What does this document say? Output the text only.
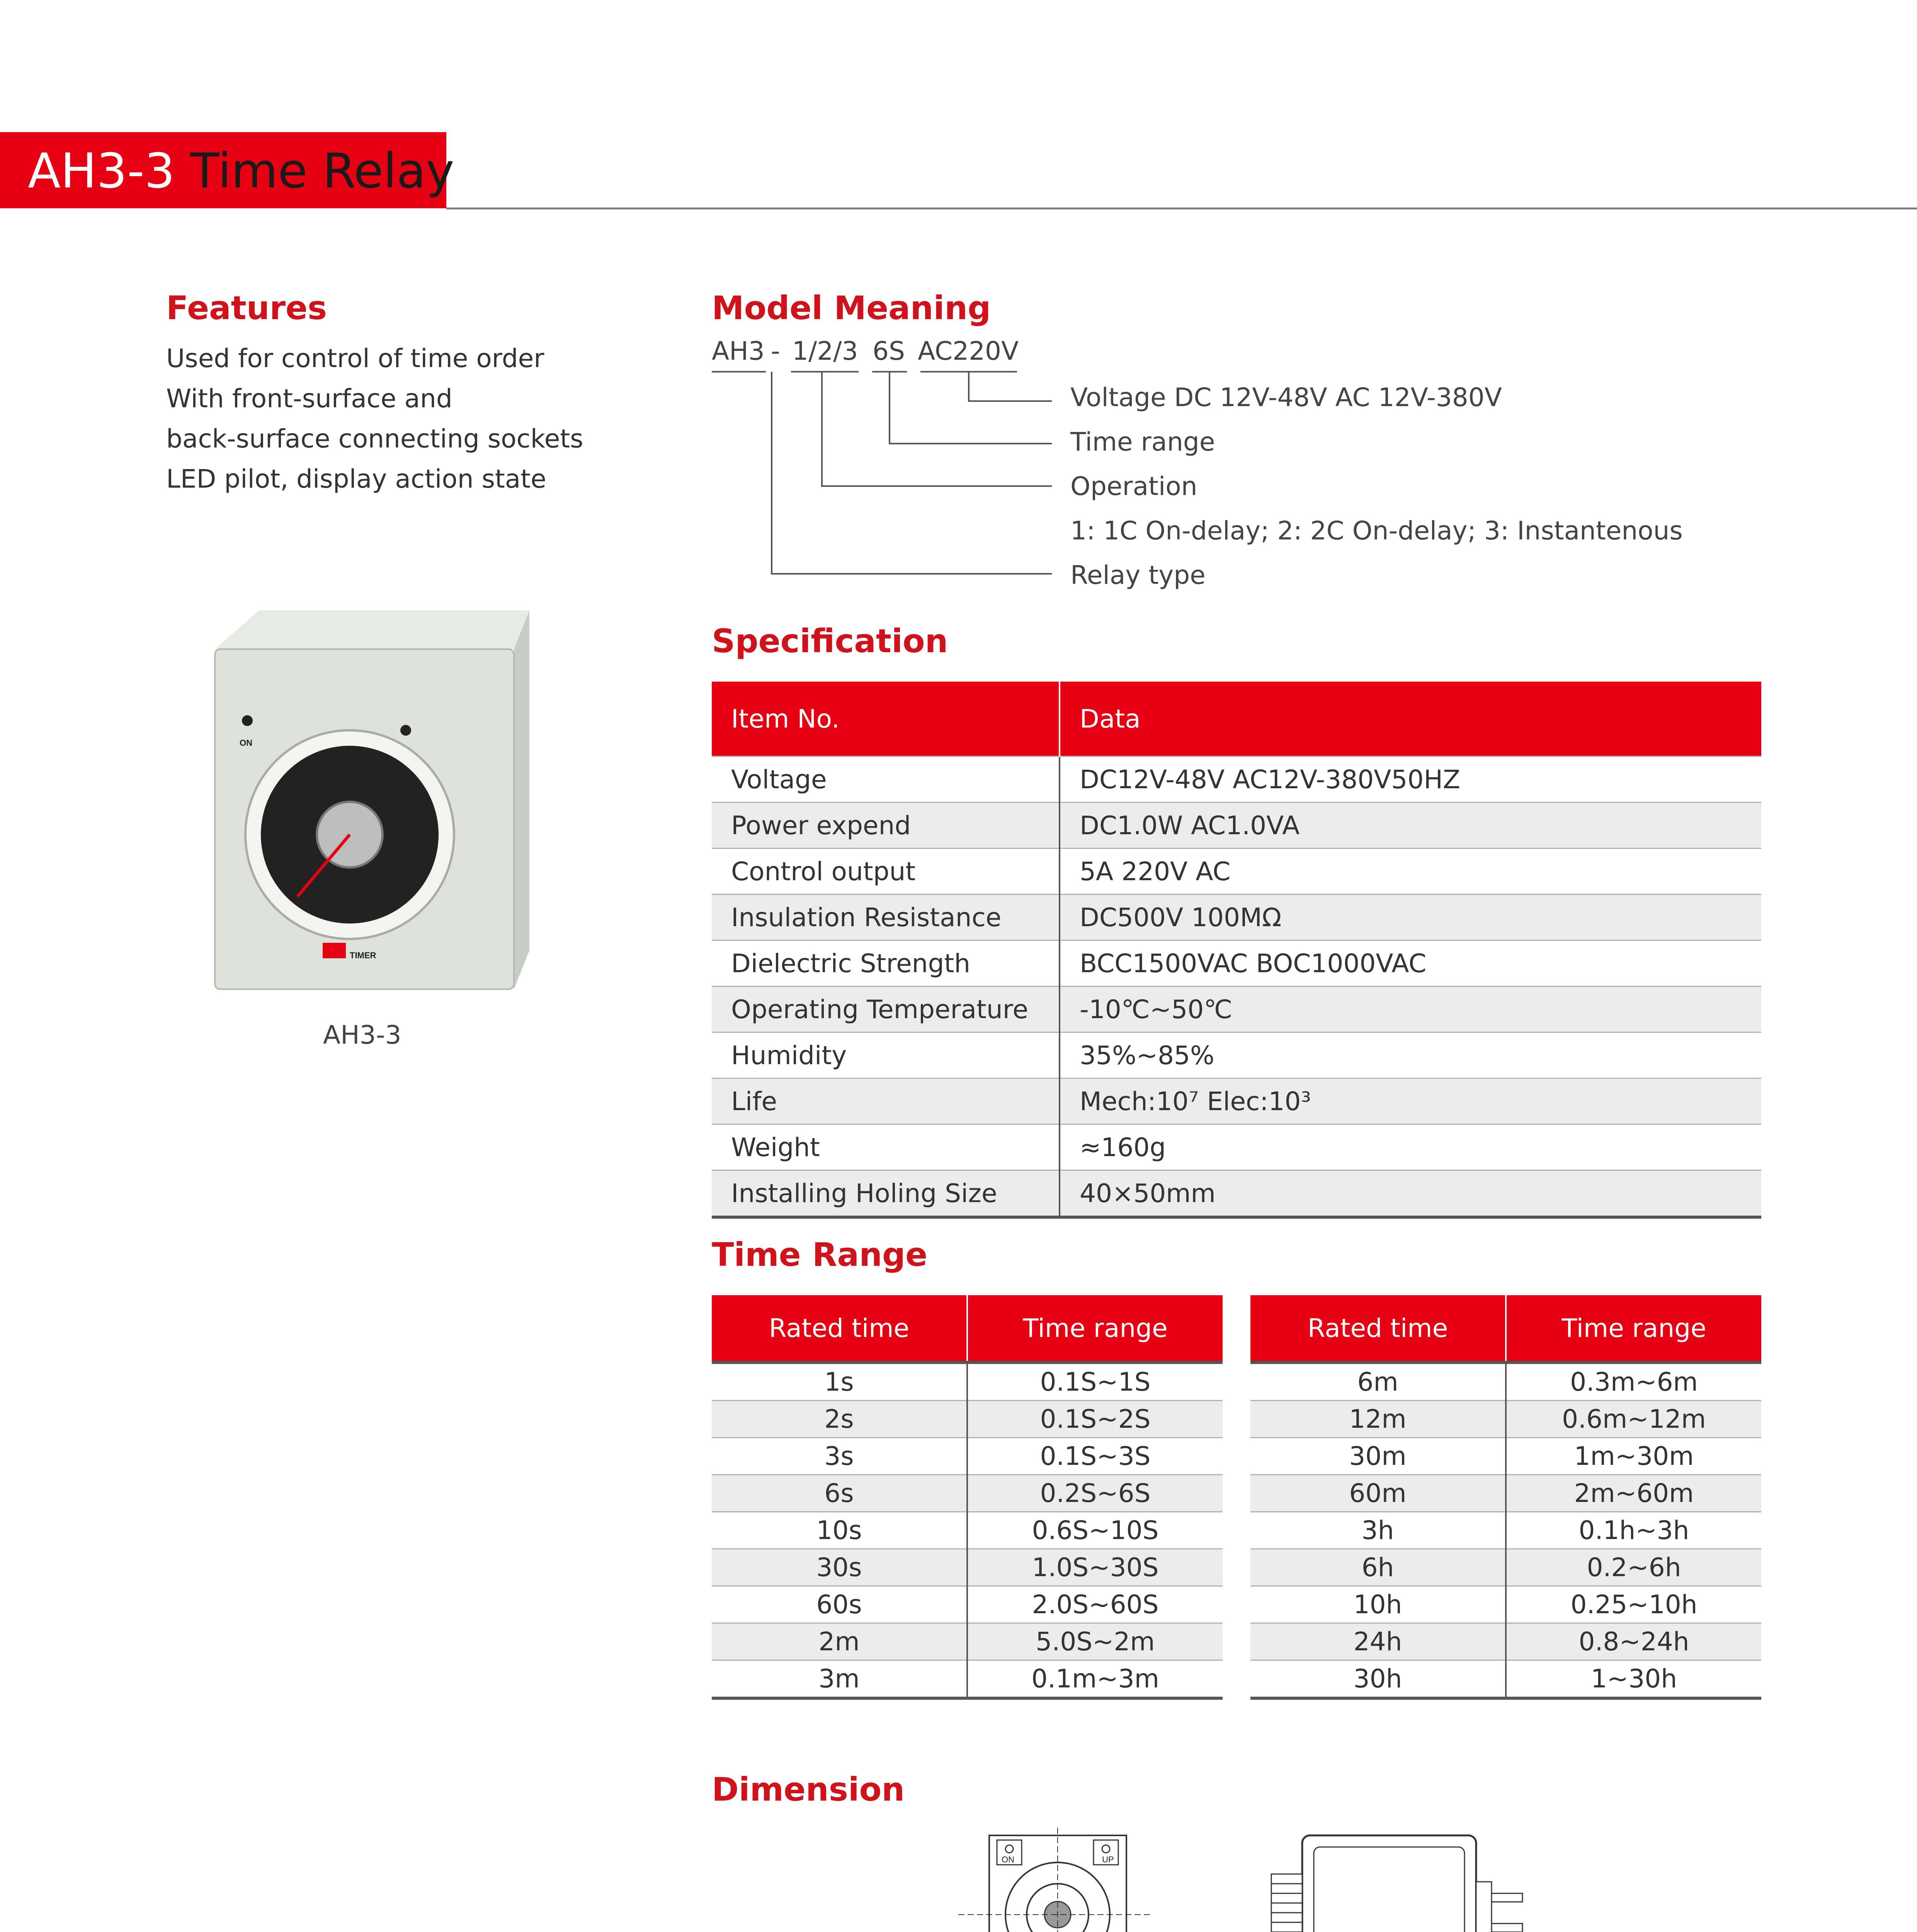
AH3-3 Time Relay
Features
Used for control of time order
With front-surface and
back-surface connecting sockets
LED pilot, display action state
ON
30
20
40
10
50
60
MINUTES
TIMER
AH3-3
Model Meaning
AH3 - 1/2/3 6S AC220V
Voltage DC 12V-48V AC 12V-380V
Time range
Operation
1: 1C On-delay; 2: 2C On-delay; 3: Instantenous
Relay type
Specification
Item No.	Data
Voltage	DC12V-48V AC12V-380V50HZ
Power expend	DC1.0W AC1.0VA
Control output	5A 220V AC
Insulation Resistance	DC500V 100MΩ
Dielectric Strength	BCC1500VAC BOC1000VAC
Operating Temperature	-10℃~50℃
Humidity	35%~85%
Life	Mech:10⁷ Elec:10³
Weight	≈160g
Installing Holing Size	40×50mm
Time Range
Rated time	Time range
1s	0.1S~1S
2s	0.1S~2S
3s	0.1S~3S
6s	0.2S~6S
10s	0.6S~10S
30s	1.0S~30S
60s	2.0S~60S
2m	5.0S~2m
3m	0.1m~3m
Rated time	Time range
6m	0.3m~6m
12m	0.6m~12m
30m	1m~30m
60m	2m~60m
3h	0.1h~3h
6h	0.2~6h
10h	0.25~10h
24h	0.8~24h
30h	1~30h
Dimension
ON	UP
